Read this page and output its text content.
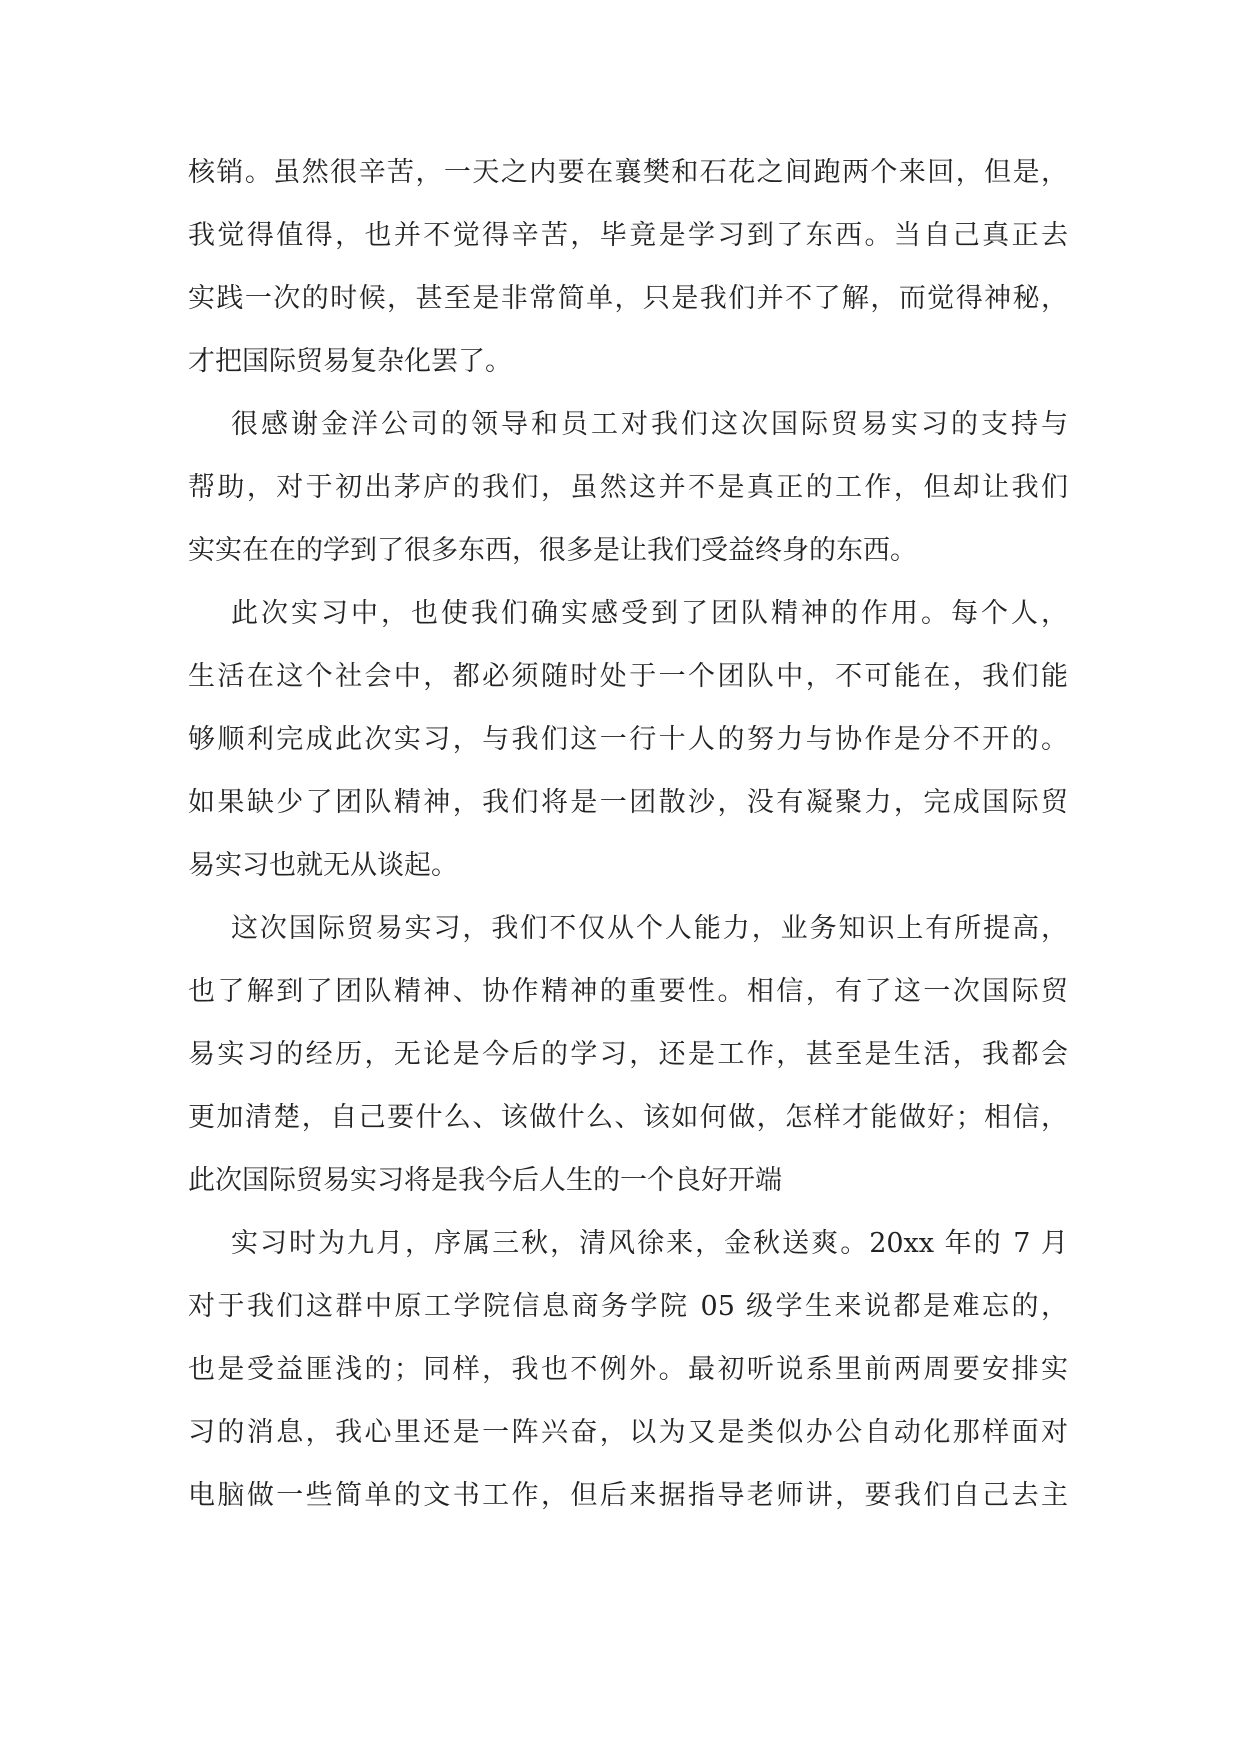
核销。虽然很辛苦，一天之内要在襄樊和石花之间跑两个来回，但是，
我觉得值得，也并不觉得辛苦，毕竟是学习到了东西。当自己真正去
实践一次的时候，甚至是非常简单，只是我们并不了解，而觉得神秘，
才把国际贸易复杂化罢了。
很感谢金洋公司的领导和员工对我们这次国际贸易实习的支持与
帮助，对于初出茅庐的我们，虽然这并不是真正的工作，但却让我们
实实在在的学到了很多东西，很多是让我们受益终身的东西。
此次实习中，也使我们确实感受到了团队精神的作用。每个人，
生活在这个社会中，都必须随时处于一个团队中，不可能在，我们能
够顺利完成此次实习，与我们这一行十人的努力与协作是分不开的。
如果缺少了团队精神，我们将是一团散沙，没有凝聚力，完成国际贸
易实习也就无从谈起。
这次国际贸易实习，我们不仅从个人能力，业务知识上有所提高，
也了解到了团队精神、协作精神的重要性。相信，有了这一次国际贸
易实习的经历，无论是今后的学习，还是工作，甚至是生活，我都会
更加清楚，自己要什么、该做什么、该如何做，怎样才能做好；相信，
此次国际贸易实习将是我今后人生的一个良好开端
实习时为九月，序属三秋，清风徐来，金秋送爽。20xx 年的 7 月
对于我们这群中原工学院信息商务学院 05 级学生来说都是难忘的，
也是受益匪浅的；同样，我也不例外。最初听说系里前两周要安排实
习的消息，我心里还是一阵兴奋，以为又是类似办公自动化那样面对
电脑做一些简单的文书工作，但后来据指导老师讲，要我们自己去主
